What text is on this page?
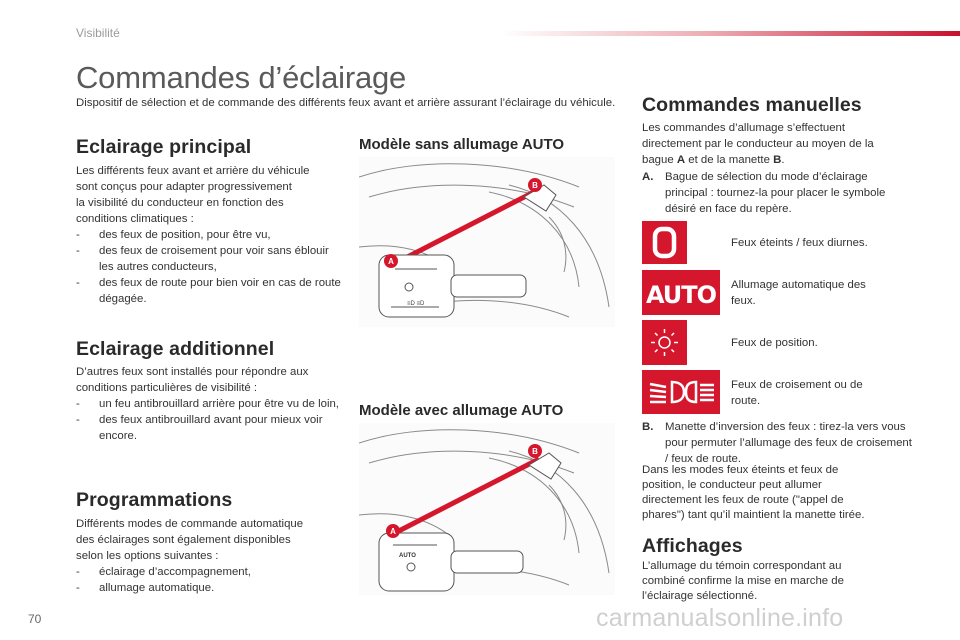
Visibilité
Commandes d’éclairage
Dispositif de sélection et de commande des différents feux avant et arrière assurant l’éclairage du véhicule.
Eclairage principal
Les différents feux avant et arrière du véhicule
sont conçus pour adapter progressivement
la visibilité du conducteur en fonction des
conditions climatiques :
- des feux de position, pour être vu,
- des feux de croisement pour voir sans éblouir les autres conducteurs,
- des feux de route pour bien voir en cas de route dégagée.
Eclairage additionnel
D’autres feux sont installés pour répondre aux
conditions particulières de visibilité :
- un feu antibrouillard arrière pour être vu de loin,
- des feux antibrouillard avant pour mieux voir encore.
Programmations
Différents modes de commande automatique
des éclairages sont également disponibles
selon les options suivantes :
- éclairage d’accompagnement,
- allumage automatique.
Modèle sans allumage AUTO
≡D ≡D
A
B
Modèle avec allumage AUTO
AUTO
A
B
Commandes manuelles
Les commandes d’allumage s’effectuent
directement par le conducteur au moyen de la
bague A et de la manette B.
A.	Bague de sélection du mode d’éclairage principal : tournez-la pour placer le symbole désiré en face du repère.
Feux éteints / feux diurnes.
AUTO Allumage automatique des feux.
Feux de position.
Feux de croisement ou de route.
B.	Manette d’inversion des feux : tirez-la vers vous pour permuter l’allumage des feux de croisement / feux de route.
Dans les modes feux éteints et feux de
position, le conducteur peut allumer
directement les feux de route ("appel de
phares") tant qu’il maintient la manette tirée.
Affichages
L’allumage du témoin correspondant au
combiné confirme la mise en marche de
l’éclairage sélectionné.
70	carmanualsonline.info
